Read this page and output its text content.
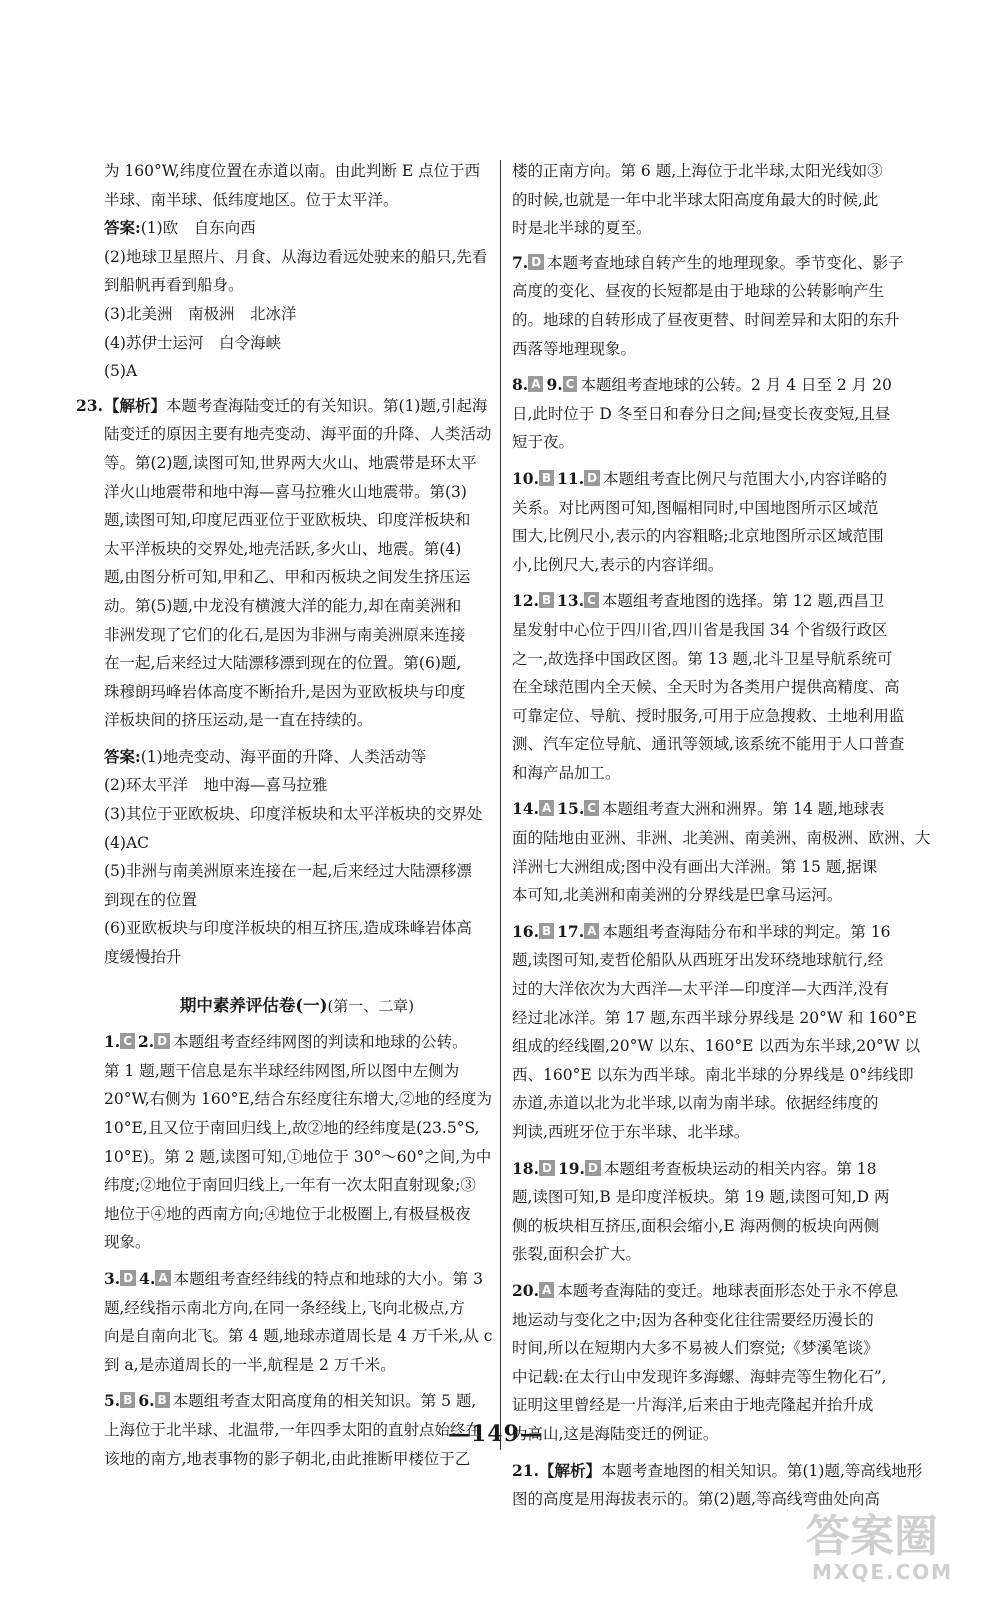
为 160°W,纬度位置在赤道以南。由此判断 E 点位于西
半球、南半球、低纬度地区。位于太平洋。
答案:(1)欧　自东向西
(2)地球卫星照片、月食、从海边看远处驶来的船只,先看
到船帆再看到船身。
(3)北美洲　南极洲　北冰洋
(4)苏伊士运河　白令海峡
(5)A
23. 【解析】本题考查海陆变迁的有关知识。第(1)题,引起海
陆变迁的原因主要有地壳变动、海平面的升降、人类活动
等。第(2)题,读图可知,世界两大火山、地震带是环太平
洋火山地震带和地中海—喜马拉雅火山地震带。第(3)
题,读图可知,印度尼西亚位于亚欧板块、印度洋板块和
太平洋板块的交界处,地壳活跃,多火山、地震。第(4)
题,由图分析可知,甲和乙、甲和丙板块之间发生挤压运
动。第(5)题,中龙没有横渡大洋的能力,却在南美洲和
非洲发现了它们的化石,是因为非洲与南美洲原来连接
在一起,后来经过大陆漂移漂到现在的位置。第(6)题,
珠穆朗玛峰岩体高度不断抬升,是因为亚欧板块与印度
洋板块间的挤压运动,是一直在持续的。
答案:(1)地壳变动、海平面的升降、人类活动等
(2)环太平洋　地中海—喜马拉雅
(3)其位于亚欧板块、印度洋板块和太平洋板块的交界处
(4)AC
(5)非洲与南美洲原来连接在一起,后来经过大陆漂移漂
到现在的位置
(6)亚欧板块与印度洋板块的相互挤压,造成珠峰岩体高
度缓慢抬升
期中素养评估卷(一)(第一、二章)
1. C 2. D 本题组考查经纬网图的判读和地球的公转。
第 1 题,题干信息是东半球经纬网图,所以图中左侧为
20°W,右侧为 160°E,结合东经度往东增大,②地的经度为
10°E,且又位于南回归线上,故②地的经纬度是(23.5°S,
10°E)。第 2 题,读图可知,①地位于 30°～60°之间,为中
纬度;②地位于南回归线上,一年有一次太阳直射现象;③
地位于④地的西南方向;④地位于北极圈上,有极昼极夜
现象。
3. D 4. A 本题组考查经纬线的特点和地球的大小。第 3
题,经线指示南北方向,在同一条经线上,飞向北极点,方
向是自南向北飞。第 4 题,地球赤道周长是 4 万千米,从 c
到 a,是赤道周长的一半,航程是 2 万千米。
5. B 6. B 本题组考查太阳高度角的相关知识。第 5 题,
上海位于北半球、北温带,一年四季太阳的直射点始终在
该地的南方,地表事物的影子朝北,由此推断甲楼位于乙
楼的正南方向。第 6 题,上海位于北半球,太阳光线如③
的时候,也就是一年中北半球太阳高度角最大的时候,此
时是北半球的夏至。
7. D 本题考查地球自转产生的地理现象。季节变化、影子
高度的变化、昼夜的长短都是由于地球的公转影响产生
的。地球的自转形成了昼夜更替、时间差异和太阳的东升
西落等地理现象。
8. A 9. C 本题组考查地球的公转。2 月 4 日至 2 月 20
日,此时位于 D 冬至日和春分日之间;昼变长夜变短,且昼
短于夜。
10. B 11. D 本题组考查比例尺与范围大小,内容详略的
关系。对比两图可知,图幅相同时,中国地图所示区域范
围大,比例尺小,表示的内容粗略;北京地图所示区域范围
小,比例尺大,表示的内容详细。
12. B 13. C 本题组考查地图的选择。第 12 题,西昌卫
星发射中心位于四川省,四川省是我国 34 个省级行政区
之一,故选择中国政区图。第 13 题,北斗卫星导航系统可
在全球范围内全天候、全天时为各类用户提供高精度、高
可靠定位、导航、授时服务,可用于应急搜救、土地利用监
测、汽车定位导航、通讯等领域,该系统不能用于人口普查
和海产品加工。
14. A 15. C 本题组考查大洲和洲界。第 14 题,地球表
面的陆地由亚洲、非洲、北美洲、南美洲、南极洲、欧洲、大
洋洲七大洲组成;图中没有画出大洋洲。第 15 题,据课
本可知,北美洲和南美洲的分界线是巴拿马运河。
16. B 17. A 本题组考查海陆分布和半球的判定。第 16
题,读图可知,麦哲伦船队从西班牙出发环绕地球航行,经
过的大洋依次为大西洋—太平洋—印度洋—大西洋,没有
经过北冰洋。第 17 题,东西半球分界线是 20°W 和 160°E
组成的经线圈,20°W 以东、160°E 以西为东半球,20°W 以
西、160°E 以东为西半球。南北半球的分界线是 0°纬线即
赤道,赤道以北为北半球,以南为南半球。依据经纬度的
判读,西班牙位于东半球、北半球。
18. D 19. D 本题组考查板块运动的相关内容。第 18
题,读图可知,B 是印度洋板块。第 19 题,读图可知,D 两
侧的板块相互挤压,面积会缩小,E 海两侧的板块向两侧
张裂,面积会扩大。
20. A 本题考查海陆的变迁。地球表面形态处于永不停息
地运动与变化之中;因为各种变化往往需要经历漫长的
时间,所以在短期内大多不易被人们察觉;《梦溪笔谈》
中记载:在太行山中发现许多海螺、海蚌壳等生物化石”,
证明这里曾经是一片海洋,后来由于地壳隆起并抬升成
为高山,这是海陆变迁的例证。
21.【解析】本题考查地图的相关知识。第(1)题,等高线地形
图的高度是用海拔表示的。第(2)题,等高线弯曲处向高
—149—
答案圈
MXQE.COM
